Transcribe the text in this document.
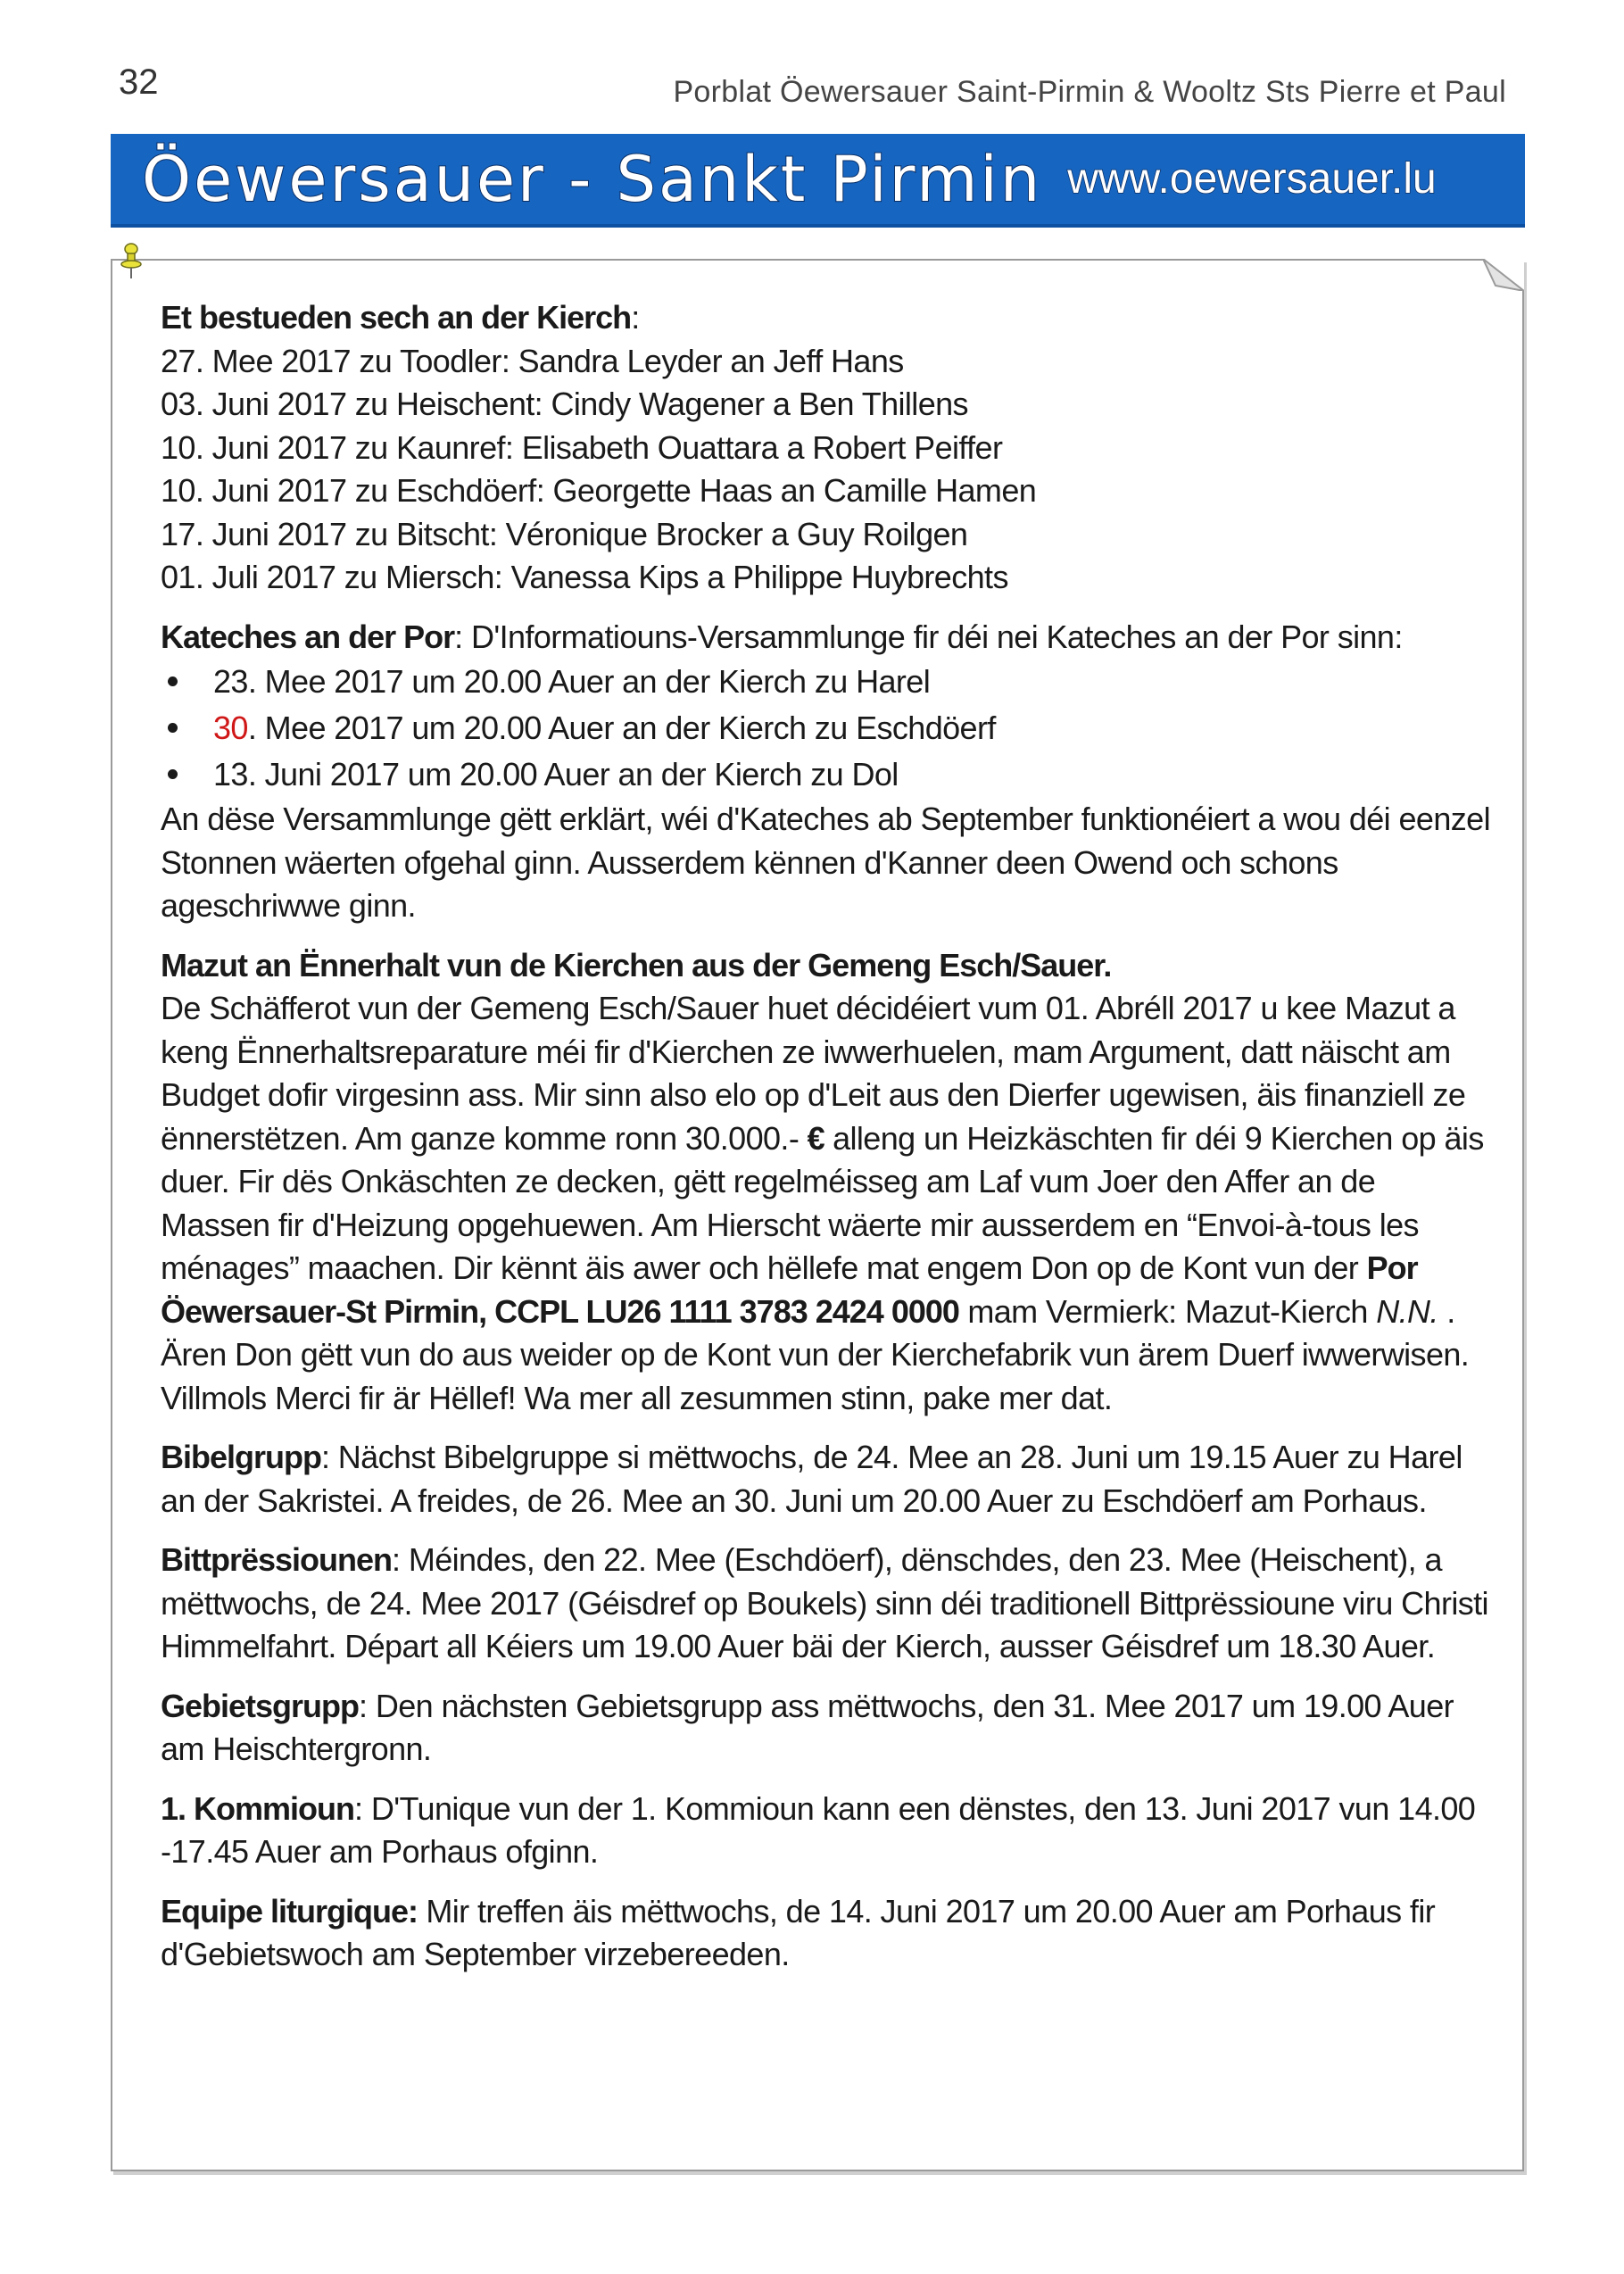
32	Porblat Öewersauer Saint-Pirmin & Wooltz Sts Pierre et Paul
Öewersauer - Sankt Pirmin www.oewersauer.lu

Et bestueden sech an der Kierch:

27. Mee 2017 zu Toodler: Sandra Leyder an Jeff Hans

03. Juni 2017 zu Heischent: Cindy Wagener a Ben Thillens

10. Juni 2017 zu Kaunref: Elisabeth Ouattara a Robert Peiffer

10. Juni 2017 zu Eschdöerf: Georgette Haas an Camille Hamen

17. Juni 2017 zu Bitscht: Véronique Brocker a Guy Roilgen

01. Juli 2017 zu Miersch: Vanessa Kips a Philippe Huybrechts

Kateches an der Por: D'Informatiouns-Versammlunge fir déi nei Kateches an der Por sinn:

23. Mee 2017 um 20.00 Auer an der Kierch zu Harel
30. Mee 2017 um 20.00 Auer an der Kierch zu Eschdöerf
13. Juni 2017 um 20.00 Auer an der Kierch zu Dol

An dëse Versammlunge gëtt erklärt, wéi d'Kateches ab September funktionéiert a wou déi eenzel Stonnen wäerten ofgehal ginn. Ausserdem kënnen d'Kanner deen Owend och schons ageschriwwe ginn.

Mazut an Ënnerhalt vun de Kierchen aus der Gemeng Esch/Sauer.

De Schäfferot vun der Gemeng Esch/Sauer huet décidéiert vum 01. Abréll 2017 u kee Mazut a keng Ënnerhaltsreparature méi fir d'Kierchen ze iwwerhuelen, mam Argument, datt näischt am Budget dofir virgesinn ass. Mir sinn also elo op d'Leit aus den Dierfer ugewisen, äis finanziell ze ënnerstëtzen. Am ganze komme ronn 30.000.- € alleng un Heizkäschten fir déi 9 Kierchen op äis duer. Fir dës Onkäschten ze decken, gëtt regelméisseg am Laf vum Joer den Affer an de Massen fir d'Heizung opgehuewen. Am Hierscht wäerte mir ausserdem en “Envoi-à-tous les ménages” maachen. Dir kënnt äis awer och hëllefe mat engem Don op de Kont vun der Por Öewersauer-St Pirmin, CCPL LU26 1111 3783 2424 0000 mam Vermierk: Mazut-Kierch N.N. . Ären Don gëtt vun do aus weider op de Kont vun der Kierchefabrik vun ärem Duerf iwwerwisen. Villmols Merci fir är Hëllef! Wa mer all zesummen stinn, pake mer dat.

Bibelgrupp: Nächst Bibelgruppe si mëttwochs, de 24. Mee an 28. Juni um 19.15 Auer zu Harel an der Sakristei. A freides, de 26. Mee an 30. Juni um 20.00 Auer zu Eschdöerf am Porhaus.

Bittprëssiounen: Méindes, den 22. Mee (Eschdöerf), dënschdes, den 23. Mee (Heischent), a mëttwochs, de 24. Mee 2017 (Géisdref op Boukels) sinn déi traditionell Bittprëssioune viru Christi Himmelfahrt. Départ all Kéiers um 19.00 Auer bäi der Kierch, ausser Géisdref um 18.30 Auer.

Gebietsgrupp: Den nächsten Gebietsgrupp ass mëttwochs, den 31. Mee 2017 um 19.00 Auer am Heischtergronn.

1. Kommioun: D'Tunique vun der 1. Kommioun kann een dënstes, den 13. Juni 2017 vun 14.00 -17.45 Auer am Porhaus ofginn.

Equipe liturgique: Mir treffen äis mëttwochs, de 14. Juni 2017 um 20.00 Auer am Porhaus fir d'Gebietswoch am September virzebereeden.
